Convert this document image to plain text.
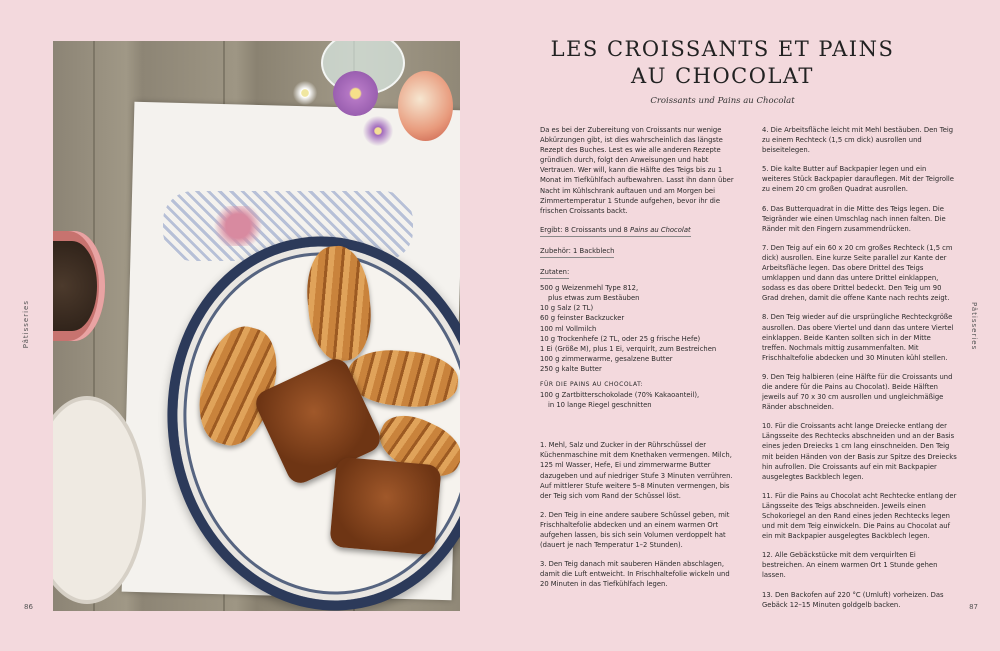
Pâtisseries	Pâtisseries
86	87
LES CROISSANTS ET PAINS
AU CHOCOLAT
Croissants und Pains au Chocolat

Da es bei der Zubereitung von Croissants nur wenige Abkürzungen gibt, ist dies wahrscheinlich das längste Rezept des Buches. Lest es wie alle anderen Rezepte gründlich durch, folgt den Anweisungen und habt Vertrauen. Wer will, kann die Hälfte des Teigs bis zu 1 Monat im Tiefkühlfach aufbewahren. Lasst ihn dann über Nacht im Kühlschrank auftauen und am Morgen bei Zimmertemperatur 1 Stunde aufgehen, bevor ihr die frischen Croissants backt.

Ergibt: 8 Croissants und 8 Pains au Chocolat

Zubehör: 1 Backblech

Zutaten:

500 g Weizenmehl Type 812,
plus etwas zum Bestäuben
10 g Salz (2 TL)
60 g feinster Backzucker
100 ml Vollmilch
10 g Trockenhefe (2 TL, oder 25 g frische Hefe)
1 Ei (Größe M), plus 1 Ei, verquirlt, zum Bestreichen
100 g zimmerwarme, gesalzene Butter
250 g kalte Butter
FÜR DIE PAINS AU CHOCOLAT:
100 g Zartbitterschokolade (70% Kakaoanteil),
in 10 lange Riegel geschnitten

1. Mehl, Salz und Zucker in der Rührschüssel der Küchenmaschine mit dem Knethaken vermengen. Milch, 125 ml Wasser, Hefe, Ei und zimmerwarme Butter dazugeben und auf niedriger Stufe 3 Minuten verrühren. Auf mittlerer Stufe weitere 5–8 Minuten vermengen, bis der Teig sich vom Rand der Schüssel löst.

2. Den Teig in eine andere saubere Schüssel geben, mit Frischhaltefolie abdecken und an einem warmen Ort aufgehen lassen, bis sich sein Volumen verdoppelt hat (dauert je nach Temperatur 1–2 Stunden).

3. Den Teig danach mit sauberen Händen abschlagen, damit die Luft entweicht. In Frischhaltefolie wickeln und 20 Minuten in das Tiefkühlfach legen.

4. Die Arbeitsfläche leicht mit Mehl bestäuben. Den Teig zu einem Rechteck (1,5 cm dick) ausrollen und beiseitelegen.

5. Die kalte Butter auf Backpapier legen und ein weiteres Stück Backpapier darauflegen. Mit der Teigrolle zu einem 20 cm großen Quadrat ausrollen.

6. Das Butterquadrat in die Mitte des Teigs legen. Die Teigränder wie einen Umschlag nach innen falten. Die Ränder mit den Fingern zusammendrücken.

7. Den Teig auf ein 60 x 20 cm großes Rechteck (1,5 cm dick) ausrollen. Eine kurze Seite parallel zur Kante der Arbeitsfläche legen. Das obere Drittel des Teigs umklappen und dann das untere Drittel einklappen, sodass es das obere Drittel bedeckt. Den Teig um 90 Grad drehen, damit die offene Kante nach rechts zeigt.

8. Den Teig wieder auf die ursprüngliche Rechteckgröße ausrollen. Das obere Viertel und dann das untere Viertel einklappen. Beide Kanten sollten sich in der Mitte treffen. Nochmals mittig zusammenfalten. Mit Frischhaltefolie abdecken und 30 Minuten kühl stellen.

9. Den Teig halbieren (eine Hälfte für die Croissants und die andere für die Pains au Chocolat). Beide Hälften jeweils auf 70 x 30 cm ausrollen und ungleichmäßige Ränder abschneiden.

10. Für die Croissants acht lange Dreiecke entlang der Längsseite des Rechtecks abschneiden und an der Basis eines jeden Dreiecks 1 cm lang einschneiden. Den Teig mit beiden Händen von der Basis zur Spitze des Dreiecks hin aufrollen. Die Croissants auf ein mit Backpapier ausgelegtes Backblech legen.

11. Für die Pains au Chocolat acht Rechtecke entlang der Längsseite des Teigs abschneiden. Jeweils einen Schokoriegel an den Rand eines jeden Rechtecks legen und mit dem Teig einwickeln. Die Pains au Chocolat auf ein mit Backpapier ausgelegtes Backblech legen.

12. Alle Gebäckstücke mit dem verquirlten Ei bestreichen. An einem warmen Ort 1 Stunde gehen lassen.

13. Den Backofen auf 220 °C (Umluft) vorheizen. Das Gebäck 12–15 Minuten goldgelb backen.
